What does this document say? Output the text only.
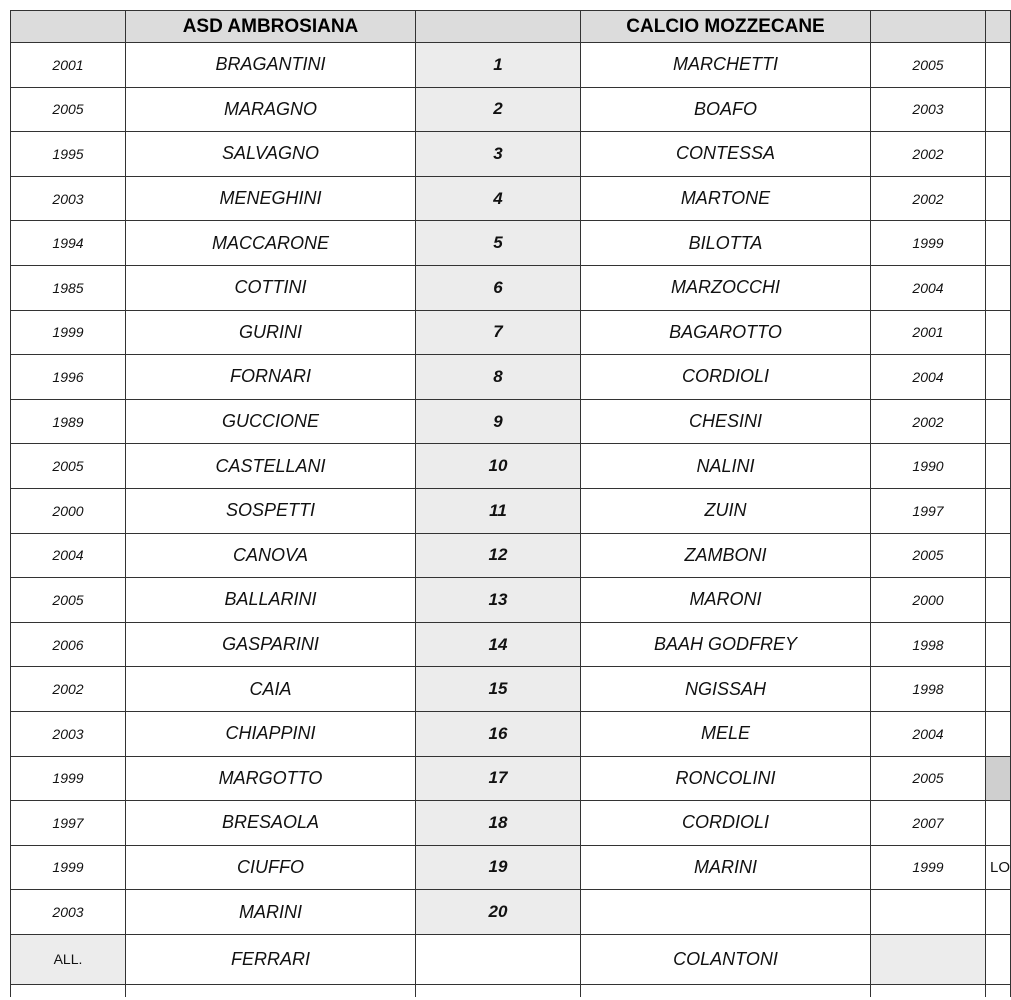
	ASD AMBROSIANA		CALCIO MOZZECANE		
2001	BRAGANTINI	1	MARCHETTI	2005	
2005	MARAGNO	2	BOAFO	2003	
1995	SALVAGNO	3	CONTESSA	2002	
2003	MENEGHINI	4	MARTONE	2002	
1994	MACCARONE	5	BILOTTA	1999	
1985	COTTINI	6	MARZOCCHI	2004	
1999	GURINI	7	BAGAROTTO	2001	
1996	FORNARI	8	CORDIOLI	2004	
1989	GUCCIONE	9	CHESINI	2002	
2005	CASTELLANI	10	NALINI	1990	
2000	SOSPETTI	11	ZUIN	1997	
2004	CANOVA	12	ZAMBONI	2005	
2005	BALLARINI	13	MARONI	2000	
2006	GASPARINI	14	BAAH GODFREY	1998	
2002	CAIA	15	NGISSAH	1998	
2003	CHIAPPINI	16	MELE	2004	
1999	MARGOTTO	17	RONCOLINI	2005	
1997	BRESAOLA	18	CORDIOLI	2007	
1999	CIUFFO	19	MARINI	1999	LO
2003	MARINI	20			
ALL.	FERRARI		COLANTONI		
